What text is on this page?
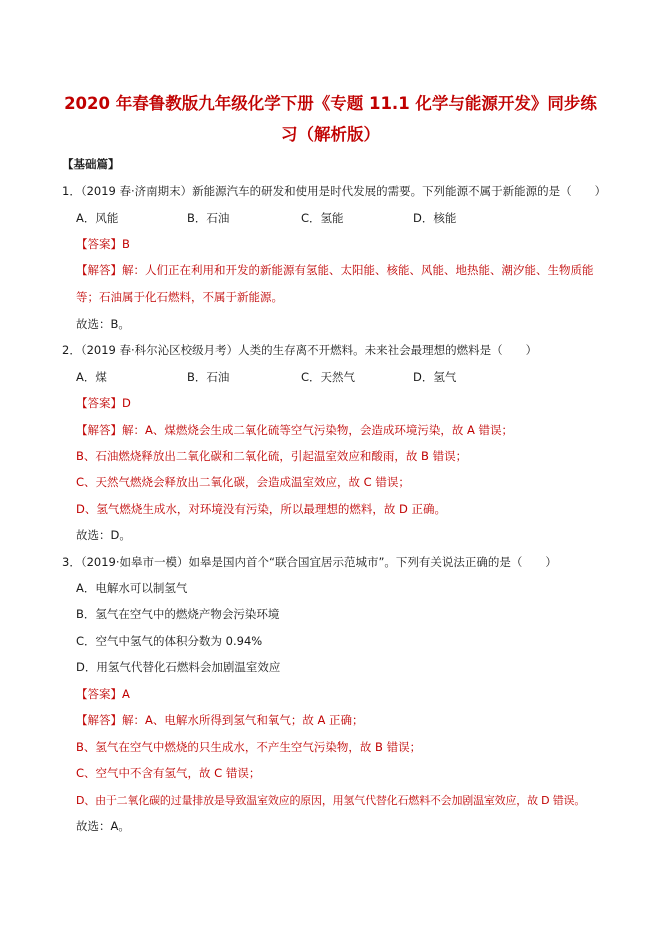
2020 年春鲁教版九年级化学下册《专题 11.1 化学与能源开发》同步练
习（解析版）
【基础篇】
1．（2019 春·济南期末）新能源汽车的研发和使用是时代发展的需要。下列能源不属于新能源的是（　　）
A．风能	B．石油	C．氢能	D．核能
【答案】B
【解答】解：人们正在利用和开发的新能源有氢能、太阳能、核能、风能、地热能、潮汐能、生物质能
等；石油属于化石燃料，不属于新能源。
故选：B。
2．（2019 春·科尔沁区校级月考）人类的生存离不开燃料。未来社会最理想的燃料是（　　）
A．煤	B．石油	C．天然气	D．氢气
【答案】D
【解答】解：A、煤燃烧会生成二氧化硫等空气污染物，会造成环境污染，故 A 错误；
B、石油燃烧释放出二氧化碳和二氧化硫，引起温室效应和酸雨，故 B 错误；
C、天然气燃烧会释放出二氧化碳，会造成温室效应，故 C 错误；
D、氢气燃烧生成水，对环境没有污染，所以最理想的燃料，故 D 正确。
故选：D。
3．（2019·如皋市一模）如皋是国内首个“联合国宜居示范城市”。下列有关说法正确的是（　　）
A．电解水可以制氢气
B．氢气在空气中的燃烧产物会污染环境
C．空气中氢气的体积分数为 0.94%
D．用氢气代替化石燃料会加剧温室效应
【答案】A
【解答】解：A、电解水所得到氢气和氧气；故 A 正确；
B、氢气在空气中燃烧的只生成水，不产生空气污染物，故 B 错误；
C、空气中不含有氢气，故 C 错误；
D、由于二氧化碳的过量排放是导致温室效应的原因，用氢气代替化石燃料不会加剧温室效应，故 D 错误。
故选：A。
